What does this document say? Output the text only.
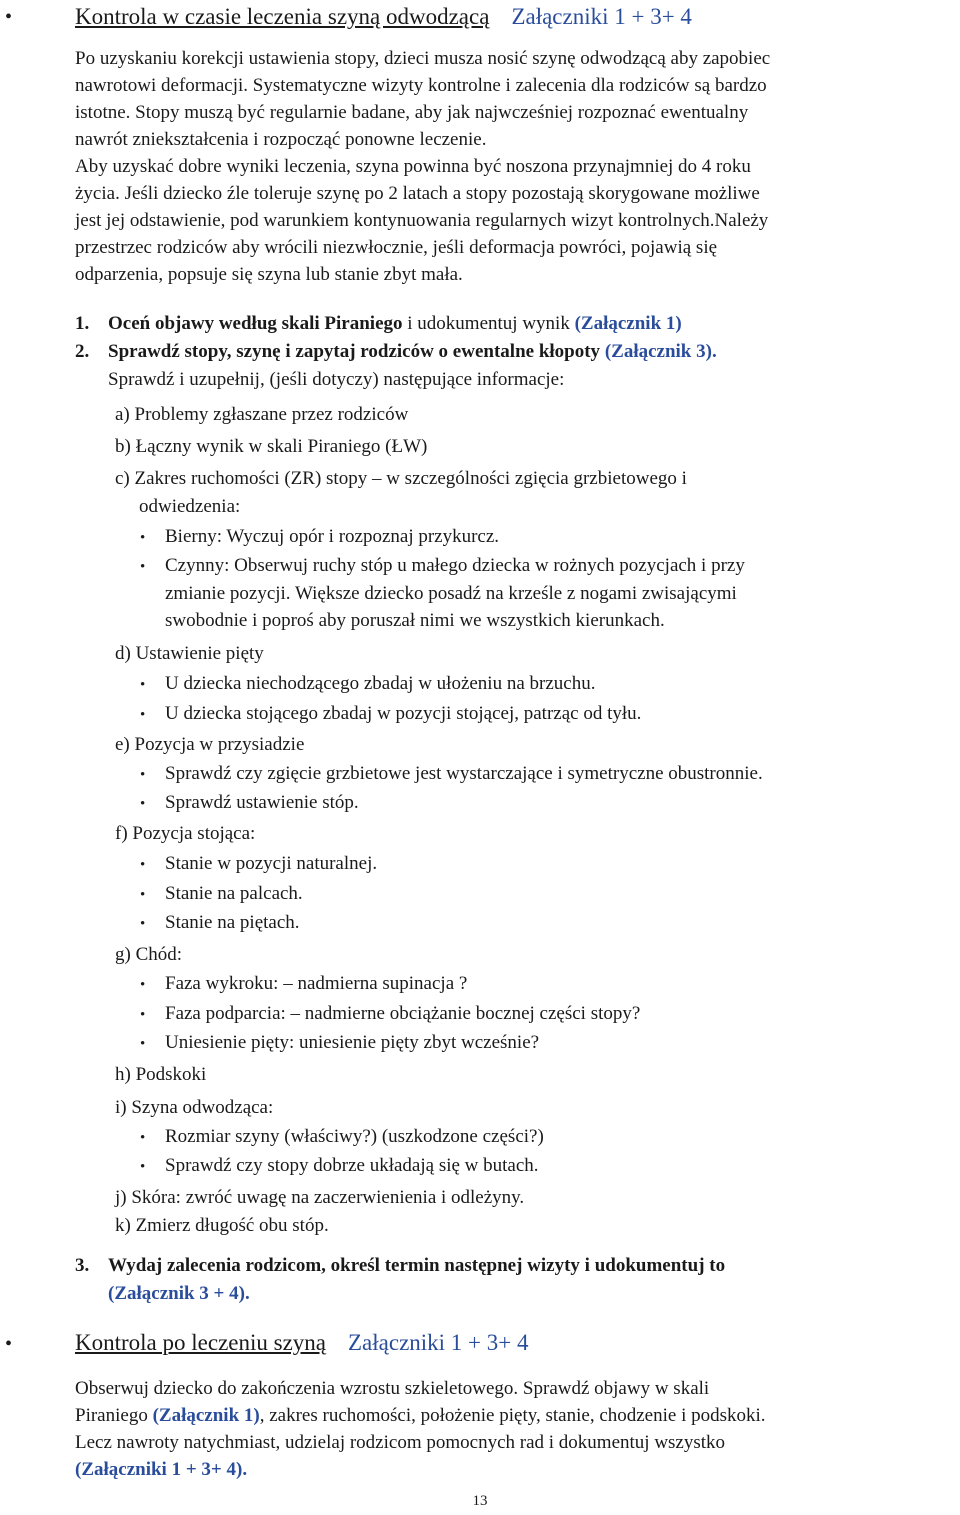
•	Kontrola w czasie leczenia szyną odwodzącą Załączniki 1 + 3+ 4
Po uzyskaniu korekcji ustawienia stopy, dzieci musza nosić szynę odwodzącą aby zapobiec
nawrotowi deformacji. Systematyczne wizyty kontrolne i zalecenia dla rodziców są bardzo
istotne. Stopy muszą być regularnie badane, aby jak najwcześniej rozpoznać ewentualny
nawrót zniekształcenia i rozpocząć ponowne leczenie.
Aby uzyskać dobre wyniki leczenia, szyna powinna być noszona przynajmniej do 4 roku
życia. Jeśli dziecko źle toleruje szynę po 2 latach a stopy pozostają skorygowane możliwe
jest jej odstawienie, pod warunkiem kontynuowania regularnych wizyt kontrolnych.Należy
przestrzec rodziców aby wrócili niezwłocznie, jeśli deformacja powróci, pojawią się
odparzenia, popsuje się szyna lub stanie zbyt mała.
1. Oceń objawy według skali Piraniego i udokumentuj wynik (Załącznik 1)
2. Sprawdź stopy, szynę i zapytaj rodziców o ewentalne kłopoty (Załącznik 3).
Sprawdź i uzupełnij, (jeśli dotyczy) następujące informacje:
a) Problemy zgłaszane przez rodziców
b) Łączny wynik w skali Piraniego (ŁW)
c) Zakres ruchomości (ZR) stopy – w szczególności zgięcia grzbietowego i
odwiedzenia:
• Bierny: Wyczuj opór i rozpoznaj przykurcz.
• Czynny: Obserwuj ruchy stóp u małego dziecka w rożnych pozycjach i przy
zmianie pozycji. Większe dziecko posadź na krześle z nogami zwisającymi
swobodnie i poproś aby poruszał nimi we wszystkich kierunkach.
d) Ustawienie pięty
• U dziecka niechodzącego zbadaj w ułożeniu na brzuchu.
• U dziecka stojącego zbadaj w pozycji stojącej, patrząc od tyłu.
e) Pozycja w przysiadzie
• Sprawdź czy zgięcie grzbietowe jest wystarczające i symetryczne obustronnie.
• Sprawdź ustawienie stóp.
f) Pozycja stojąca:
• Stanie w pozycji naturalnej.
• Stanie na palcach.
• Stanie na piętach.
g) Chód:
• Faza wykroku: – nadmierna supinacja ?
• Faza podparcia: – nadmierne obciążanie bocznej części stopy?
• Uniesienie pięty: uniesienie pięty zbyt wcześnie?
h) Podskoki
i) Szyna odwodząca:
• Rozmiar szyny (właściwy?) (uszkodzone części?)
• Sprawdź czy stopy dobrze układają się w butach.
j) Skóra: zwróć uwagę na zaczerwienienia i odleżyny.
k) Zmierz długość obu stóp.
3. Wydaj zalecenia rodzicom, określ termin następnej wizyty i udokumentuj to
(Załącznik 3 + 4).
•	Kontrola po leczeniu szyną Załączniki 1 + 3+ 4
Obserwuj dziecko do zakończenia wzrostu szkieletowego. Sprawdź objawy w skali
Piraniego (Załącznik 1), zakres ruchomości, położenie pięty, stanie, chodzenie i podskoki.
Lecz nawroty natychmiast, udzielaj rodzicom pomocnych rad i dokumentuj wszystko
(Załączniki 1 + 3+ 4).
13
